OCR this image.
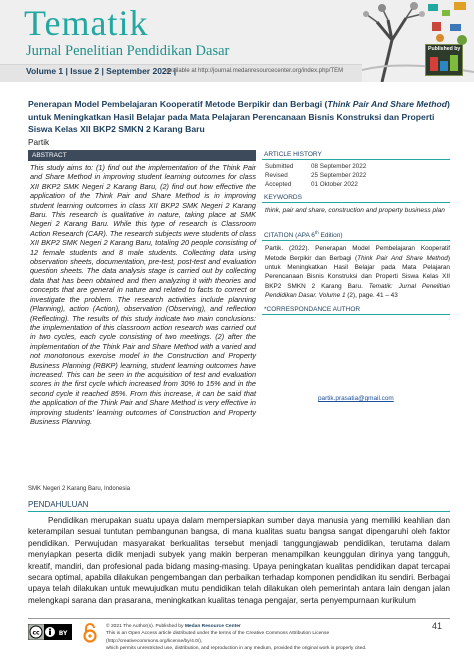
Tematik
Jurnal Penelitian Pendidikan Dasar
Volume 1 | Issue 2 | September 2022 |
available at http://journal.medanresourcecenter.org/index.php/TEM
Published by
Penerapan Model Pembelajaran Kooperatif Metode Berpikir dan Berbagi (Think Pair And Share Method) untuk Meningkatkan Hasil Belajar pada Mata Pelajaran Perencanaan Bisnis Konstruksi dan Properti Siswa Kelas XII BKP2 SMKN 2 Karang Baru
Partik
ABSTRACT
This study aims to: (1) find out the implementation of the Think Pair and Share Method in improving student learning outcomes for class XII BKP2 SMK Negeri 2 Karang Baru, (2) find out how effective the application of the Think Pair and Share Method is in improving student learning outcomes in class XII BKP2 SMK Negeri 2 Karang Baru. This research is qualitative in nature, taking place at SMK Negeri 2 Karang Baru. While this type of research is Classroom Action Research (CAR). The research subjects were students of class XII BKP2 SMK Negeri 2 Karang Baru, totaling 20 people consisting of 12 female students and 8 male students. Collecting data using observation sheets, documentation, pre-test, post-test and evaluation question sheets. The data analysis stage is carried out by collecting data that has been obtained and then analyzing it with theories and concepts that are general in nature and related to facts to correct or investigate the problem. The research activities include planning (Planning), action (Action), observation (Observing), and reflection (Reflecting). The results of this study indicate two main conclusions: the implementation of this classroom action research was carried out in two cycles, each cycle consisting of two meetings. (2) after the implementation of the Think Pair and Share Method with a varied and not monotonous exercise model in the Construction and Property Business Planning (RBKP) learning, student learning outcomes have increased. This can be seen in the acquisition of test and evaluation scores in the first cycle which increased from 30% to 15% and in the second cycle it reached 85%. From this increase, it can be said that the application of the Think Pair and Share Method is very effective in improving students' learning outcomes of Construction and Property Business Planning.
SMK Negeri 2 Karang Baru, Indonesia
ARTICLE HISTORY
Submitted	08 September 2022
Revised	25 September 2022
Accepted	01 Oktober 2022
KEYWORDS
think, pair and share, construction and property business plan
CITATION (APA 6th Edition)
Partik. (2022). Penerapan Model Pembelajaran Kooperatif Metode Berpikir dan Berbagi (Think Pair And Share Method) untuk Meningkatkan Hasil Belajar pada Mata Pelajaran Perencanaan Bisnis Konstruksi dan Properti Siswa Kelas XII BKP2 SMKN 2 Karang Baru. Tematik: Jurnal Penelitian Pendidikan Dasar. Volume 1 (2), page. 41 – 43
*CORRESPONDANCE AUTHOR
partik.prasatia@gmail.com
PENDAHULUAN

Pendidikan merupakan suatu upaya dalam mempersiapkan sumber daya manusia yang memiliki keahlian dan keterampilan sesuai tuntutan pembangunan bangsa, di mana kualitas suatu bangsa sangat dipengaruhi oleh faktor pendidikan. Perwujudan masyarakat berkualitas tersebut menjadi tanggungjawab pendidikan, terutama dalam menyiapkan peserta didik menjadi subyek yang makin berperan menampilkan keunggulan dirinya yang tangguh, kreatif, mandiri, dan profesional pada bidang masing-masing. Upaya peningkatan kualitas pendidikan dapat tercapai secara optimal, apabila dilakukan pengembangan dan perbaikan terhadap komponen pendidikan itu sendiri. Berbagai upaya telah dilakukan untuk mewujudkan mutu pendidikan telah dilakukan oleh pemerintah antara lain dengan jalan melengkapi sarana dan prasarana, meningkatkan kualitas tenaga pengajar, serta penyempurnaan kurikulum

cc	BY
© 2021 The Author(s). Published by Medan Resource Center
This is an Open Access article distributed under the terms of the Creative Commons Attribution License (http://creativecommons.org/license/by/4.0/),
which permits unrestricted use, distribution, and reproduction in any medium, provided the original work is properly cited.
41
